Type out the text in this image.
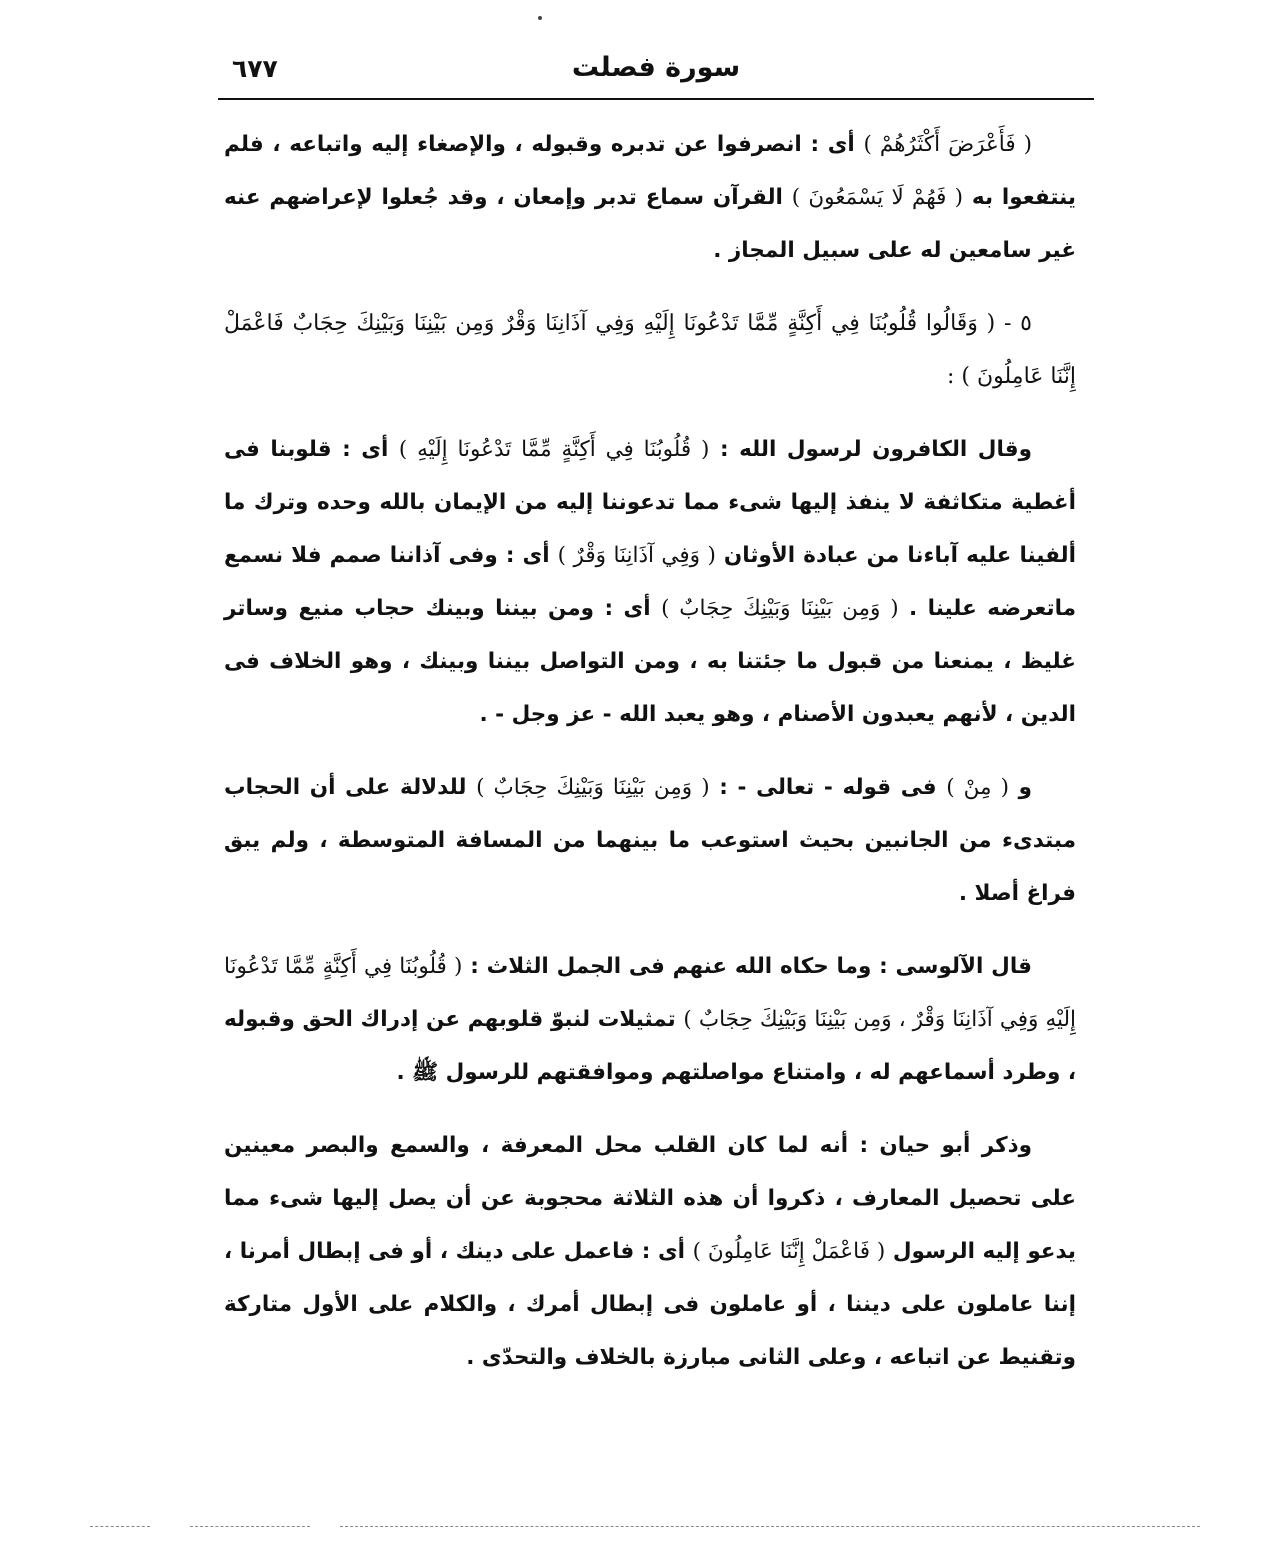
سورة فصلت
٦٧٧

( فَأَعْرَضَ أَكْثَرُهُمْ ) أى : انصرفوا عن تدبره وقبوله ، والإصغاء إليه واتباعه ، فلم ينتفعوا به ( فَهُمْ لَا يَسْمَعُونَ ) القرآن سماع تدبر وإمعان ، وقد جُعلوا لإعراضهم عنه غير سامعين له على سبيل المجاز .

٥ - ( وَقَالُوا قُلُوبُنَا فِي أَكِنَّةٍ مِّمَّا تَدْعُونَا إِلَيْهِ وَفِي آذَانِنَا وَقْرٌ وَمِن بَيْنِنَا وَبَيْنِكَ حِجَابٌ فَاعْمَلْ إِنَّنَا عَامِلُونَ ) :

وقال الكافرون لرسول الله : ( قُلُوبُنَا فِي أَكِنَّةٍ مِّمَّا تَدْعُونَا إِلَيْهِ ) أى : قلوبنا فى أغطية متكاثفة لا ينفذ إليها شىء مما تدعوننا إليه من الإيمان بالله وحده وترك ما ألفينا عليه آباءنا من عبادة الأوثان ( وَفِي آذَانِنَا وَقْرٌ ) أى : وفى آذاننا صمم فلا نسمع ماتعرضه علينا . ( وَمِن بَيْنِنَا وَبَيْنِكَ حِجَابٌ ) أى : ومن بيننا وبينك حجاب منيع وساتر غليظ ، يمنعنا من قبول ما جئتنا به ، ومن التواصل بيننا وبينك ، وهو الخلاف فى الدين ، لأنهم يعبدون الأصنام ، وهو يعبد الله - عز وجل - .

و ( مِنْ ) فى قوله - تعالى - : ( وَمِن بَيْنِنَا وَبَيْنِكَ حِجَابٌ ) للدلالة على أن الحجاب مبتدىء من الجانبين بحيث استوعب ما بينهما من المسافة المتوسطة ، ولم يبق فراغ أصلا .

قال الآلوسى : وما حكاه الله عنهم فى الجمل الثلاث : ( قُلُوبُنَا فِي أَكِنَّةٍ مِّمَّا تَدْعُونَا إِلَيْهِ وَفِي آذَانِنَا وَقْرٌ ، وَمِن بَيْنِنَا وَبَيْنِكَ حِجَابٌ ) تمثيلات لنبوّ قلوبهم عن إدراك الحق وقبوله ، وطرد أسماعهم له ، وامتناع مواصلتهم وموافقتهم للرسول ﷺ .

وذكر أبو حيان : أنه لما كان القلب محل المعرفة ، والسمع والبصر معينين على تحصيل المعارف ، ذكروا أن هذه الثلاثة محجوبة عن أن يصل إليها شىء مما يدعو إليه الرسول ( فَاعْمَلْ إِنَّنَا عَامِلُونَ ) أى : فاعمل على دينك ، أو فى إبطال أمرنا ، إننا عاملون على ديننا ، أو عاملون فى إبطال أمرك ، والكلام على الأول متاركة وتقنيط عن اتباعه ، وعلى الثانى مبارزة بالخلاف والتحدّى .
